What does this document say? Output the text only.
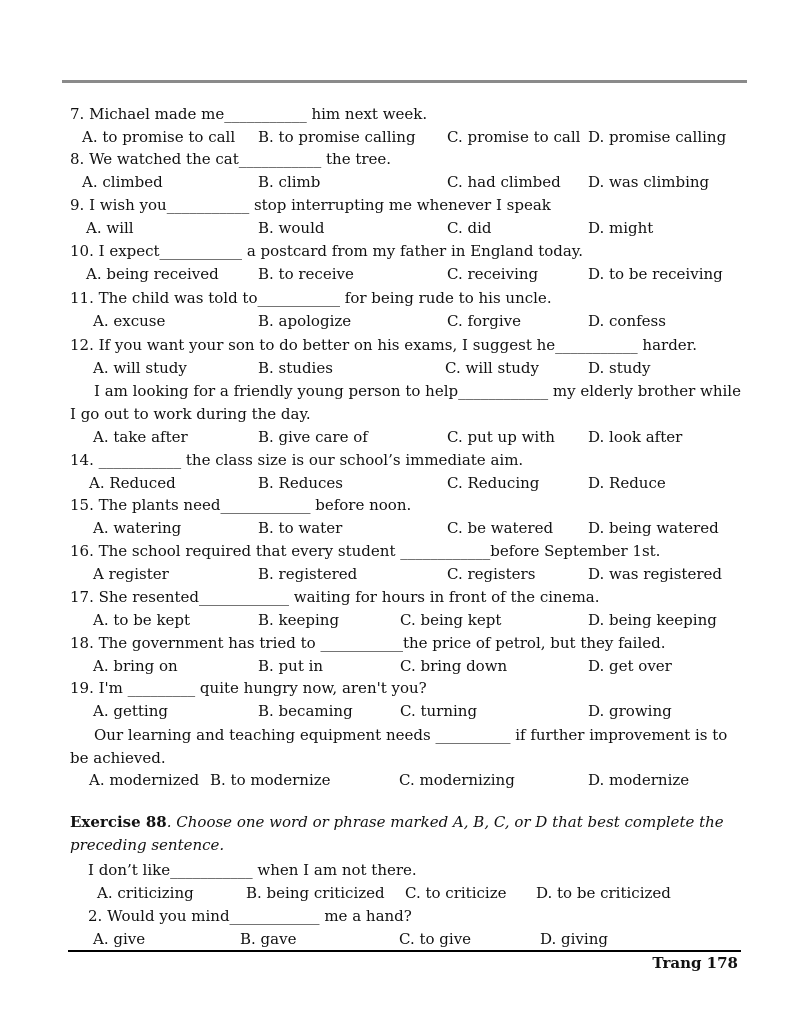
7. Michael made me___________ him next week.
A. to promise to call B. to promise calling C. promise to call D. promise calling
8. We watched the cat___________ the tree.
A. climbed	B. climb	C. had climbed D. was climbing
9. I wish you___________ stop interrupting me whenever I speak
A. will	B. would	C. did	D. might
10. I expect___________ a postcard from my father in England today.
A. being received	B. to receive	C. receiving	D. to be receiving
11. The child was told to___________ for being rude to his uncle.
A. excuse	B. apologize	C. forgive	D. confess
12. If you want your son to do better on his exams, I suggest he___________ harder.
A. will study	B. studies	C. will study	D. study
I am looking for a friendly young person to help____________ my elderly brother while I go out to work during the day.
A. take after	B. give care of	C. put up with D. look after
14. ___________ the class size is our school’s immediate aim.
A. Reduced	B. Reduces	C. Reducing	D. Reduce
15. The plants need____________ before noon.
A. watering	B. to water	C. be watered D. being watered
16. The school required that every student ____________before September 1st.
A register	B. registered	C. registers	D. was registered
17. She resented____________ waiting for hours in front of the cinema.
A. to be kept	B. keeping	C. being kept	D. being keeping
18. The government has tried to ___________the price of petrol, but they failed.
A. bring on	B. put in	C. bring down	D. get over
19. I'm _________ quite hungry now, aren't you?
A. getting	B. becaming	C. turning	D. growing
Our learning and teaching equipment needs __________ if further improvement is to be achieved.
A. modernized B. to modernize	C. modernizing	D. modernize
Exercise 88. Choose one word or phrase marked A, B, C, or D that best complete the preceding sentence.
I don’t like___________ when I am not there.
A. criticizing	B. being criticized C. to criticize D. to be criticized
2. Would you mind____________ me a hand?
A. give	B. gave	C. to give	D. giving
Trang 178
